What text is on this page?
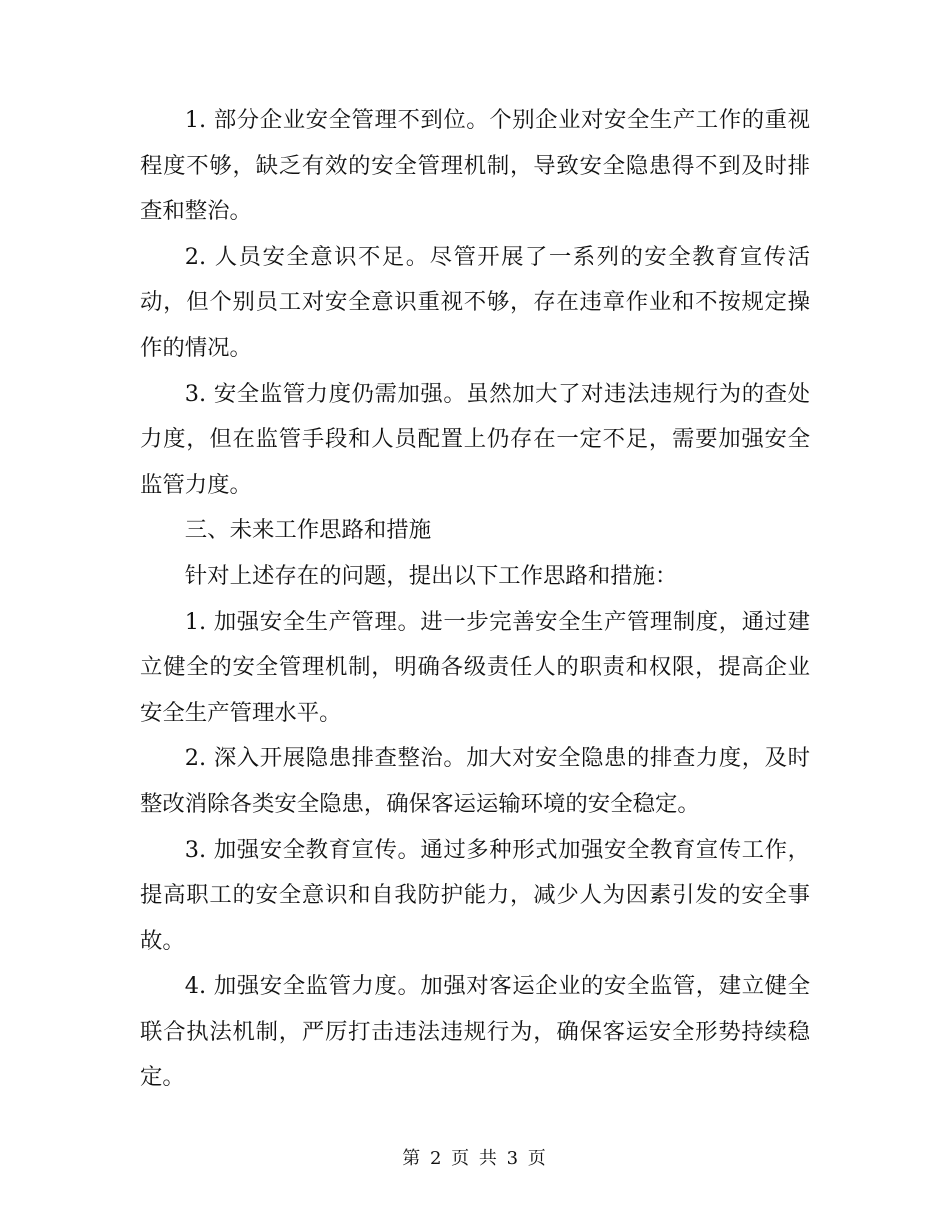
1. 部分企业安全管理不到位。个别企业对安全生产工作的重视程度不够，缺乏有效的安全管理机制，导致安全隐患得不到及时排查和整治。

2. 人员安全意识不足。尽管开展了一系列的安全教育宣传活动，但个别员工对安全意识重视不够，存在违章作业和不按规定操作的情况。

3. 安全监管力度仍需加强。虽然加大了对违法违规行为的查处力度，但在监管手段和人员配置上仍存在一定不足，需要加强安全监管力度。

三、未来工作思路和措施

针对上述存在的问题，提出以下工作思路和措施：

1. 加强安全生产管理。进一步完善安全生产管理制度，通过建立健全的安全管理机制，明确各级责任人的职责和权限，提高企业安全生产管理水平。

2. 深入开展隐患排查整治。加大对安全隐患的排查力度，及时整改消除各类安全隐患，确保客运运输环境的安全稳定。

3. 加强安全教育宣传。通过多种形式加强安全教育宣传工作，提高职工的安全意识和自我防护能力，减少人为因素引发的安全事故。

4. 加强安全监管力度。加强对客运企业的安全监管，建立健全联合执法机制，严厉打击违法违规行为，确保客运安全形势持续稳定。

第 2 页 共 3 页
